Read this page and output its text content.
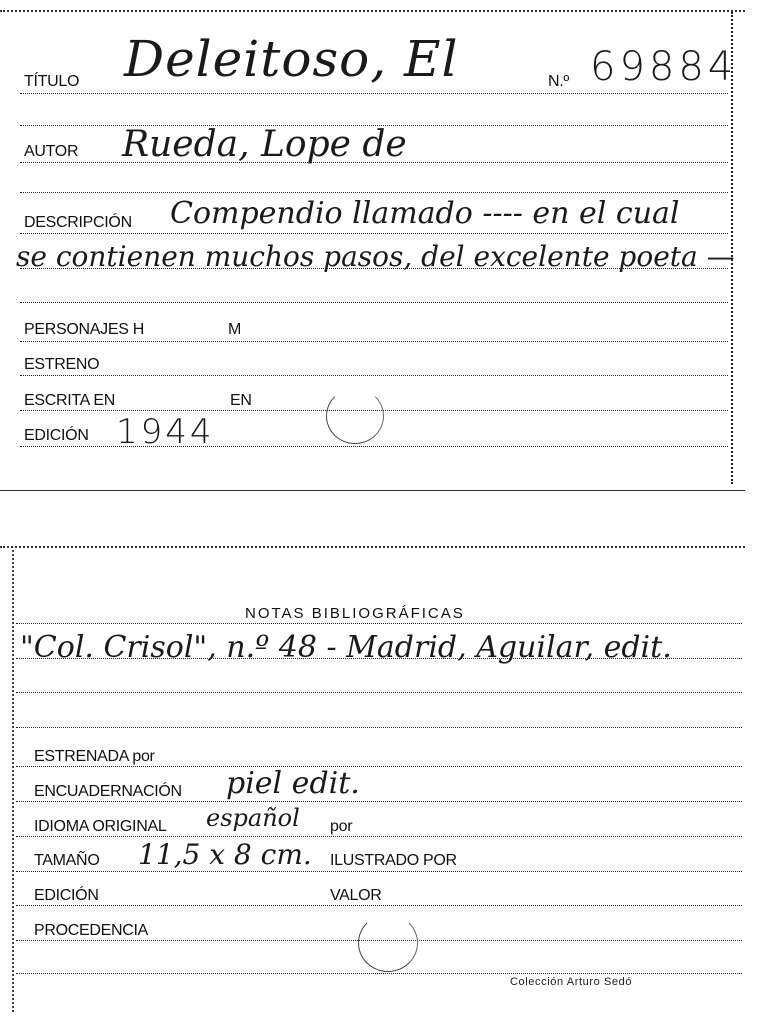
TÍTULO Deleitoso, El	N.º 69884
AUTOR Rueda, Lope de
DESCRIPCIÓN Compendio llamado ---- en el cual
se contienen muchos pasos, del excelente poeta —
PERSONAJES H	M
ESTRENO
ESCRITA EN	EN
EDICIÓN 1944
NOTAS BIBLIOGRÁFICAS
"Col. Crisol", n.º 48 - Madrid, Aguilar, edit.
ESTRENADA por
ENCUADERNACIÓN piel edit.
IDIOMA ORIGINAL español por
TAMAÑO 11,5 x 8 cm. ILUSTRADO POR
EDICIÓN	VALOR
PROCEDENCIA
Colección Arturo Sedó
